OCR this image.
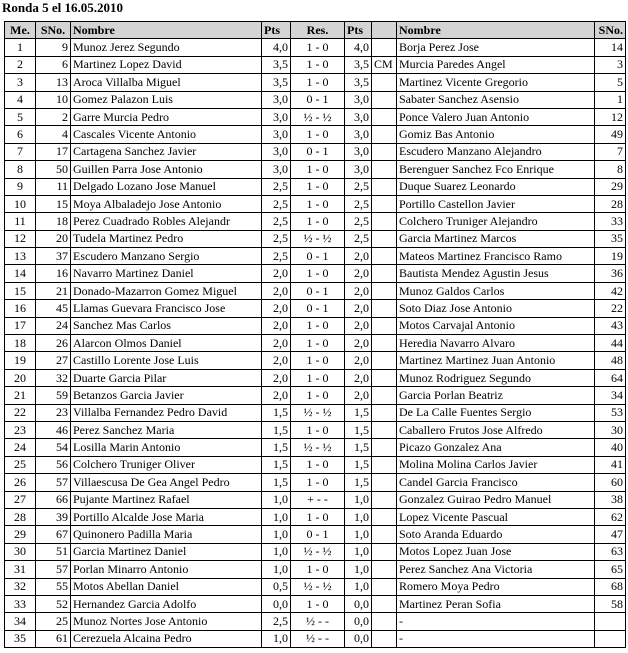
Ronda 5 el 16.05.2010
Me.	SNo.	Nombre	Pts	Res.	Pts		Nombre	SNo.
1	9	Munoz Jerez Segundo	4,0	1 - 0	4,0		Borja Perez Jose	14
2	6	Martinez Lopez David	3,5	1 - 0	3,5	CM	Murcia Paredes Angel	3
3	13	Aroca Villalba Miguel	3,5	1 - 0	3,5		Martinez Vicente Gregorio	5
4	10	Gomez Palazon Luis	3,0	0 - 1	3,0		Sabater Sanchez Asensio	1
5	2	Garre Murcia Pedro	3,0	½ - ½	3,0		Ponce Valero Juan Antonio	12
6	4	Cascales Vicente Antonio	3,0	1 - 0	3,0		Gomiz Bas Antonio	49
7	17	Cartagena Sanchez Javier	3,0	0 - 1	3,0		Escudero Manzano Alejandro	7
8	50	Guillen Parra Jose Antonio	3,0	1 - 0	3,0		Berenguer Sanchez Fco Enrique	8
9	11	Delgado Lozano Jose Manuel	2,5	1 - 0	2,5		Duque Suarez Leonardo	29
10	15	Moya Albaladejo Jose Antonio	2,5	1 - 0	2,5		Portillo Castellon Javier	28
11	18	Perez Cuadrado Robles Alejandr	2,5	1 - 0	2,5		Colchero Truniger Alejandro	33
12	20	Tudela Martinez Pedro	2,5	½ - ½	2,5		Garcia Martinez Marcos	35
13	37	Escudero Manzano Sergio	2,5	0 - 1	2,0		Mateos Martinez Francisco Ramo	19
14	16	Navarro Martinez Daniel	2,0	1 - 0	2,0		Bautista Mendez Agustin Jesus	36
15	21	Donado-Mazarron Gomez Miguel	2,0	0 - 1	2,0		Munoz Galdos Carlos	42
16	45	Llamas Guevara Francisco Jose	2,0	0 - 1	2,0		Soto Diaz Jose Antonio	22
17	24	Sanchez Mas Carlos	2,0	1 - 0	2,0		Motos Carvajal Antonio	43
18	26	Alarcon Olmos Daniel	2,0	1 - 0	2,0		Heredia Navarro Alvaro	44
19	27	Castillo Lorente Jose Luis	2,0	1 - 0	2,0		Martinez Martinez Juan Antonio	48
20	32	Duarte Garcia Pilar	2,0	1 - 0	2,0		Munoz Rodriguez Segundo	64
21	59	Betanzos Garcia Javier	2,0	1 - 0	2,0		Garcia Porlan Beatriz	34
22	23	Villalba Fernandez Pedro David	1,5	½ - ½	1,5		De La Calle Fuentes Sergio	53
23	46	Perez Sanchez Maria	1,5	1 - 0	1,5		Caballero Frutos Jose Alfredo	30
24	54	Losilla Marin Antonio	1,5	½ - ½	1,5		Picazo Gonzalez Ana	40
25	56	Colchero Truniger Oliver	1,5	1 - 0	1,5		Molina Molina Carlos Javier	41
26	57	Villaescusa De Gea Angel Pedro	1,5	1 - 0	1,5		Candel Garcia Francisco	60
27	66	Pujante Martinez Rafael	1,0	+ - -	1,0		Gonzalez Guirao Pedro Manuel	38
28	39	Portillo Alcalde Jose Maria	1,0	1 - 0	1,0		Lopez Vicente Pascual	62
29	67	Quinonero Padilla Maria	1,0	0 - 1	1,0		Soto Aranda Eduardo	47
30	51	Garcia Martinez Daniel	1,0	½ - ½	1,0		Motos Lopez Juan Jose	63
31	57	Porlan Minarro Antonio	1,0	1 - 0	1,0		Perez Sanchez Ana Victoria	65
32	55	Motos Abellan Daniel	0,5	½ - ½	1,0		Romero Moya Pedro	68
33	52	Hernandez Garcia Adolfo	0,0	1 - 0	0,0		Martinez Peran Sofia	58
34	25	Munoz Nortes Jose Antonio	2,5	½ - -	0,0		-	
35	61	Cerezuela Alcaina Pedro	1,0	½ - -	0,0		-	
